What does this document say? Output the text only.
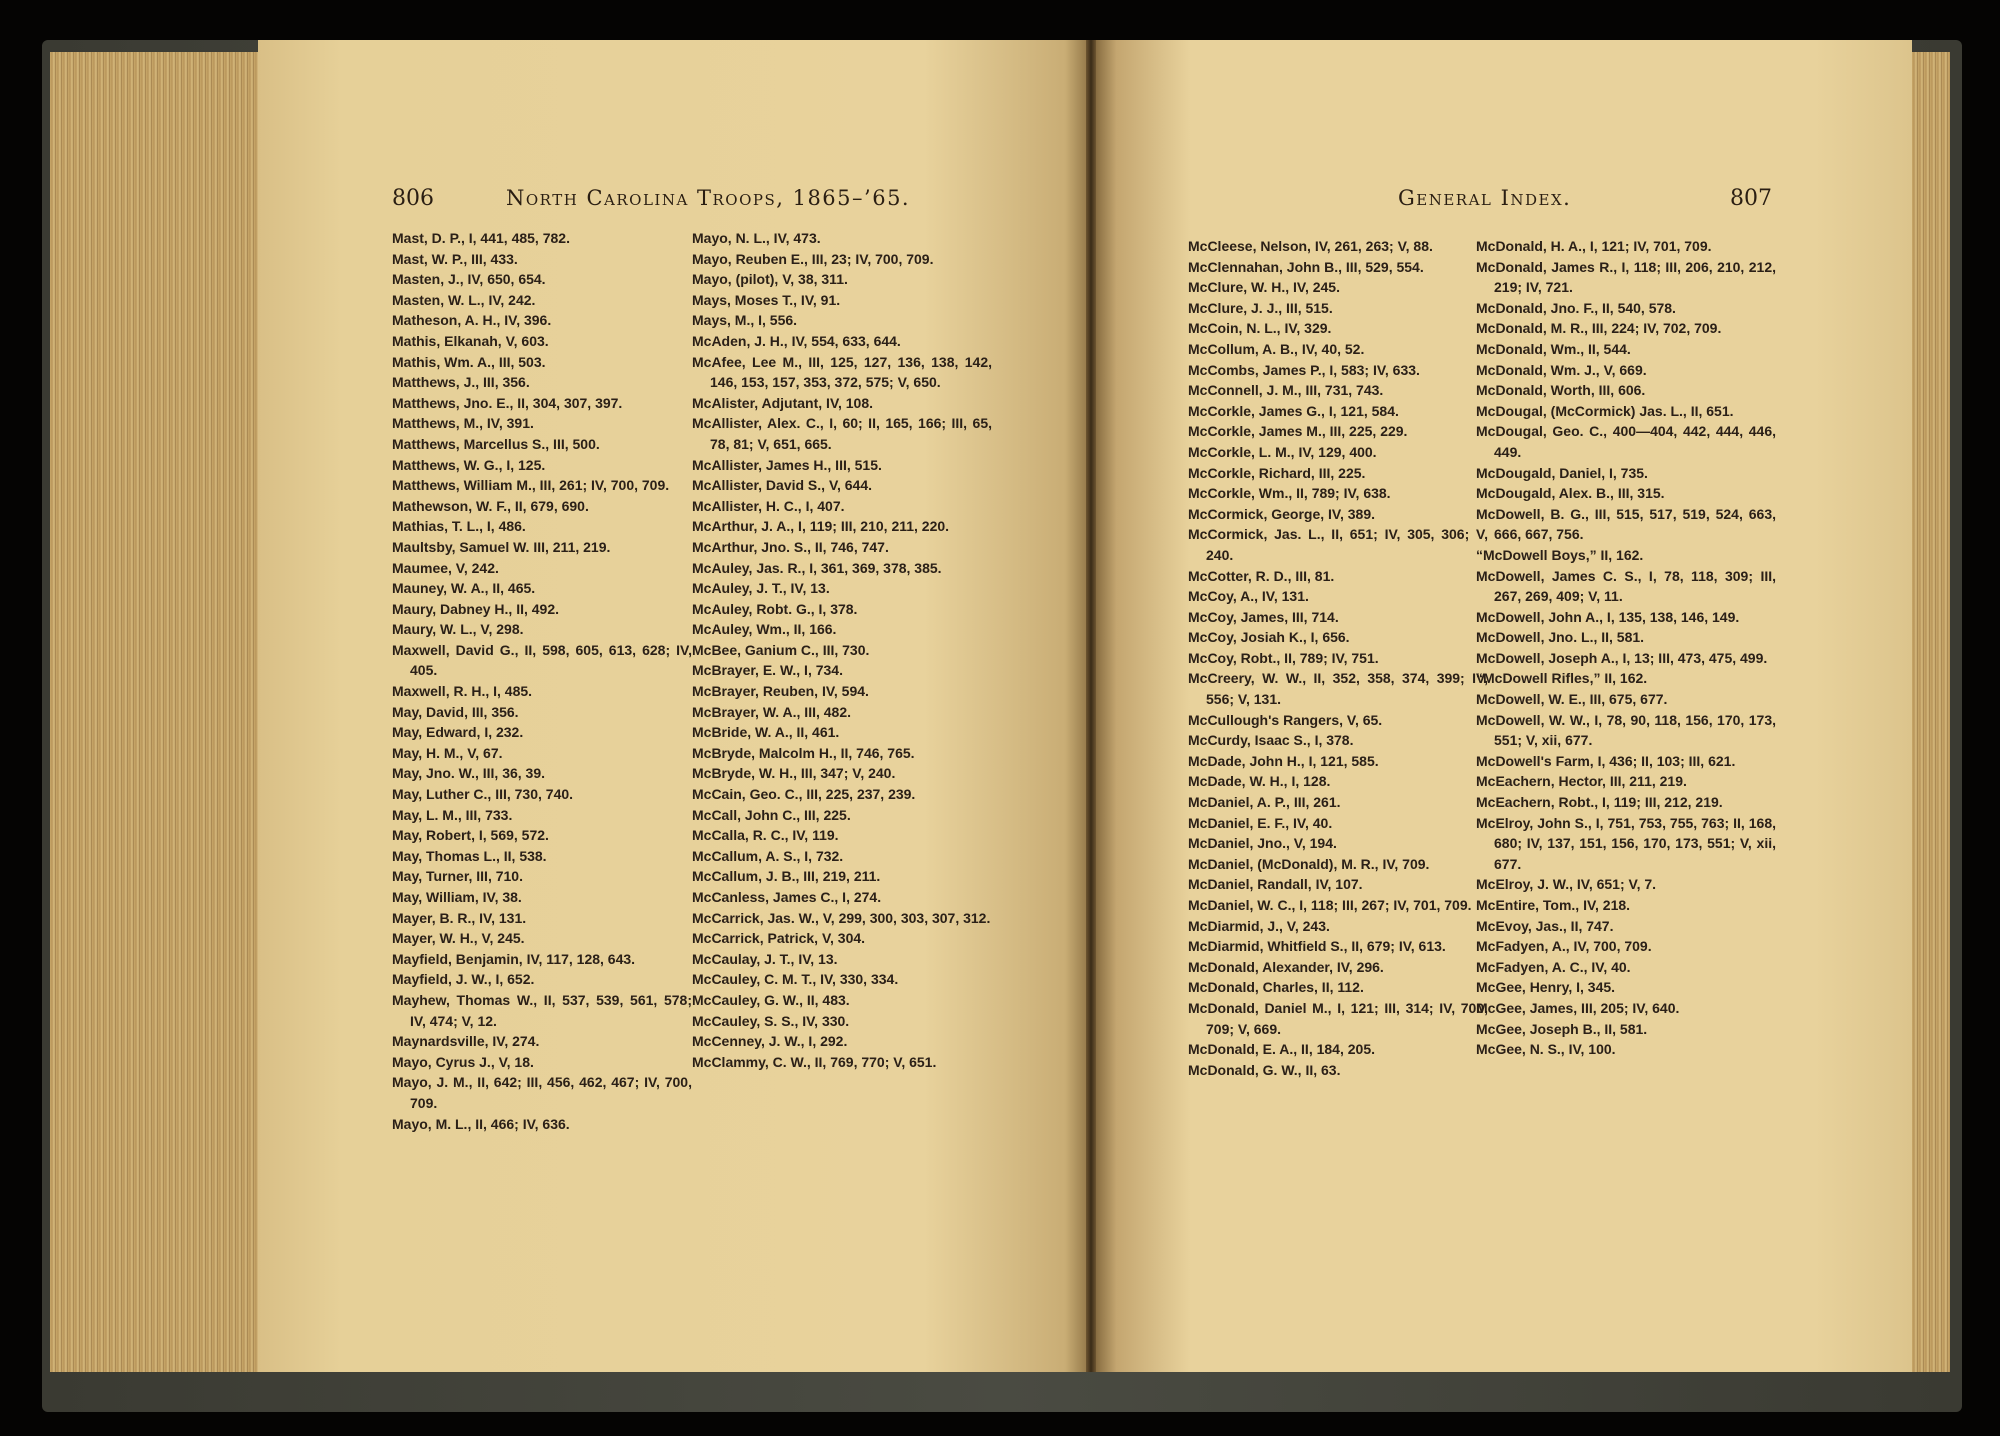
806	North Carolina Troops, 1865–’65.	General Index.	807

Mast, D. P., I, 441, 485, 782.

Mast, W. P., III, 433.

Masten, J., IV, 650, 654.

Masten, W. L., IV, 242.

Matheson, A. H., IV, 396.

Mathis, Elkanah, V, 603.

Mathis, Wm. A., III, 503.

Matthews, J., III, 356.

Matthews, Jno. E., II, 304, 307, 397.

Matthews, M., IV, 391.

Matthews, Marcellus S., III, 500.

Matthews, W. G., I, 125.

Matthews, William M., III, 261; IV, 700, 709.

Mathewson, W. F., II, 679, 690.

Mathias, T. L., I, 486.

Maultsby, Samuel W. III, 211, 219.

Maumee, V, 242.

Mauney, W. A., II, 465.

Maury, Dabney H., II, 492.

Maury, W. L., V, 298.

Maxwell, David G., II, 598, 605, 613, 628; IV, 405.

Maxwell, R. H., I, 485.

May, David, III, 356.

May, Edward, I, 232.

May, H. M., V, 67.

May, Jno. W., III, 36, 39.

May, Luther C., III, 730, 740.

May, L. M., III, 733.

May, Robert, I, 569, 572.

May, Thomas L., II, 538.

May, Turner, III, 710.

May, William, IV, 38.

Mayer, B. R., IV, 131.

Mayer, W. H., V, 245.

Mayfield, Benjamin, IV, 117, 128, 643.

Mayfield, J. W., I, 652.

Mayhew, Thomas W., II, 537, 539, 561, 578; IV, 474; V, 12.

Maynardsville, IV, 274.

Mayo, Cyrus J., V, 18.

Mayo, J. M., II, 642; III, 456, 462, 467; IV, 700, 709.

Mayo, M. L., II, 466; IV, 636.

Mayo, N. L., IV, 473.

Mayo, Reuben E., III, 23; IV, 700, 709.

Mayo, (pilot), V, 38, 311.

Mays, Moses T., IV, 91.

Mays, M., I, 556.

McAden, J. H., IV, 554, 633, 644.

McAfee, Lee M., III, 125, 127, 136, 138, 142, 146, 153, 157, 353, 372, 575; V, 650.

McAlister, Adjutant, IV, 108.

McAllister, Alex. C., I, 60; II, 165, 166; III, 65, 78, 81; V, 651, 665.

McAllister, James H., III, 515.

McAllister, David S., V, 644.

McAllister, H. C., I, 407.

McArthur, J. A., I, 119; III, 210, 211, 220.

McArthur, Jno. S., II, 746, 747.

McAuley, Jas. R., I, 361, 369, 378, 385.

McAuley, J. T., IV, 13.

McAuley, Robt. G., I, 378.

McAuley, Wm., II, 166.

McBee, Ganium C., III, 730.

McBrayer, E. W., I, 734.

McBrayer, Reuben, IV, 594.

McBrayer, W. A., III, 482.

McBride, W. A., II, 461.

McBryde, Malcolm H., II, 746, 765.

McBryde, W. H., III, 347; V, 240.

McCain, Geo. C., III, 225, 237, 239.

McCall, John C., III, 225.

McCalla, R. C., IV, 119.

McCallum, A. S., I, 732.

McCallum, J. B., III, 219, 211.

McCanless, James C., I, 274.

McCarrick, Jas. W., V, 299, 300, 303, 307, 312.

McCarrick, Patrick, V, 304.

McCaulay, J. T., IV, 13.

McCauley, C. M. T., IV, 330, 334.

McCauley, G. W., II, 483.

McCauley, S. S., IV, 330.

McCenney, J. W., I, 292.

McClammy, C. W., II, 769, 770; V, 651.

McCleese, Nelson, IV, 261, 263; V, 88.

McClennahan, John B., III, 529, 554.

McClure, W. H., IV, 245.

McClure, J. J., III, 515.

McCoin, N. L., IV, 329.

McCollum, A. B., IV, 40, 52.

McCombs, James P., I, 583; IV, 633.

McConnell, J. M., III, 731, 743.

McCorkle, James G., I, 121, 584.

McCorkle, James M., III, 225, 229.

McCorkle, L. M., IV, 129, 400.

McCorkle, Richard, III, 225.

McCorkle, Wm., II, 789; IV, 638.

McCormick, George, IV, 389.

McCormick, Jas. L., II, 651; IV, 305, 306; V, 240.

McCotter, R. D., III, 81.

McCoy, A., IV, 131.

McCoy, James, III, 714.

McCoy, Josiah K., I, 656.

McCoy, Robt., II, 789; IV, 751.

McCreery, W. W., II, 352, 358, 374, 399; IV, 556; V, 131.

McCullough's Rangers, V, 65.

McCurdy, Isaac S., I, 378.

McDade, John H., I, 121, 585.

McDade, W. H., I, 128.

McDaniel, A. P., III, 261.

McDaniel, E. F., IV, 40.

McDaniel, Jno., V, 194.

McDaniel, (McDonald), M. R., IV, 709.

McDaniel, Randall, IV, 107.

McDaniel, W. C., I, 118; III, 267; IV, 701, 709.

McDiarmid, J., V, 243.

McDiarmid, Whitfield S., II, 679; IV, 613.

McDonald, Alexander, IV, 296.

McDonald, Charles, II, 112.

McDonald, Daniel M., I, 121; III, 314; IV, 700, 709; V, 669.

McDonald, E. A., II, 184, 205.

McDonald, G. W., II, 63.

McDonald, H. A., I, 121; IV, 701, 709.

McDonald, James R., I, 118; III, 206, 210, 212, 219; IV, 721.

McDonald, Jno. F., II, 540, 578.

McDonald, M. R., III, 224; IV, 702, 709.

McDonald, Wm., II, 544.

McDonald, Wm. J., V, 669.

McDonald, Worth, III, 606.

McDougal, (McCormick) Jas. L., II, 651.

McDougal, Geo. C., 400—404, 442, 444, 446, 449.

McDougald, Daniel, I, 735.

McDougald, Alex. B., III, 315.

McDowell, B. G., III, 515, 517, 519, 524, 663, 666, 667, 756.

“McDowell Boys,” II, 162.

McDowell, James C. S., I, 78, 118, 309; III, 267, 269, 409; V, 11.

McDowell, John A., I, 135, 138, 146, 149.

McDowell, Jno. L., II, 581.

McDowell, Joseph A., I, 13; III, 473, 475, 499.

“McDowell Rifles,” II, 162.

McDowell, W. E., III, 675, 677.

McDowell, W. W., I, 78, 90, 118, 156, 170, 173, 551; V, xii, 677.

McDowell's Farm, I, 436; II, 103; III, 621.

McEachern, Hector, III, 211, 219.

McEachern, Robt., I, 119; III, 212, 219.

McElroy, John S., I, 751, 753, 755, 763; II, 168, 680; IV, 137, 151, 156, 170, 173, 551; V, xii, 677.

McElroy, J. W., IV, 651; V, 7.

McEntire, Tom., IV, 218.

McEvoy, Jas., II, 747.

McFadyen, A., IV, 700, 709.

McFadyen, A. C., IV, 40.

McGee, Henry, I, 345.

McGee, James, III, 205; IV, 640.

McGee, Joseph B., II, 581.

McGee, N. S., IV, 100.
